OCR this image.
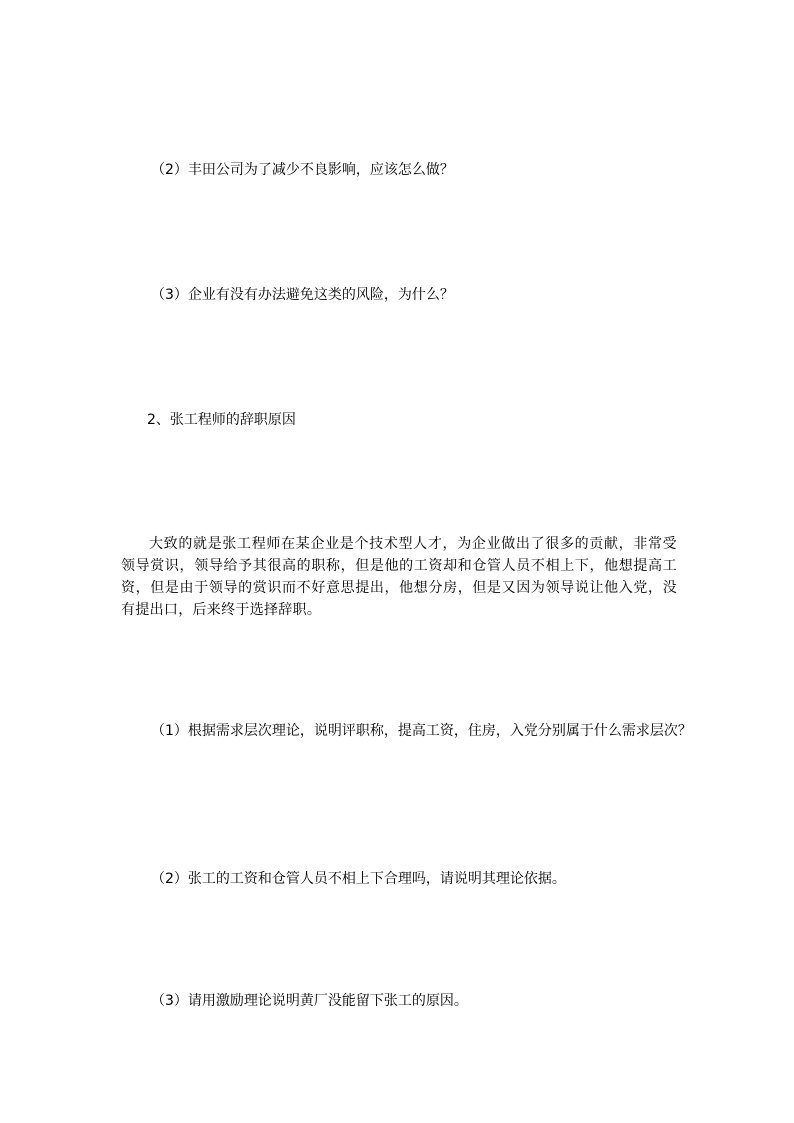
（2）丰田公司为了减少不良影响，应该怎么做？
（3）企业有没有办法避免这类的风险，为什么？
2、张工程师的辞职原因
大致的就是张工程师在某企业是个技术型人才，为企业做出了很多的贡献，非常受领导赏识，领导给予其很高的职称，但是他的工资却和仓管人员不相上下，他想提高工资，但是由于领导的赏识而不好意思提出，他想分房，但是又因为领导说让他入党，没有提出口，后来终于选择辞职。
（1）根据需求层次理论，说明评职称，提高工资，住房，入党分别属于什么需求层次？
（2）张工的工资和仓管人员不相上下合理吗，请说明其理论依据。
（3）请用激励理论说明黄厂没能留下张工的原因。
